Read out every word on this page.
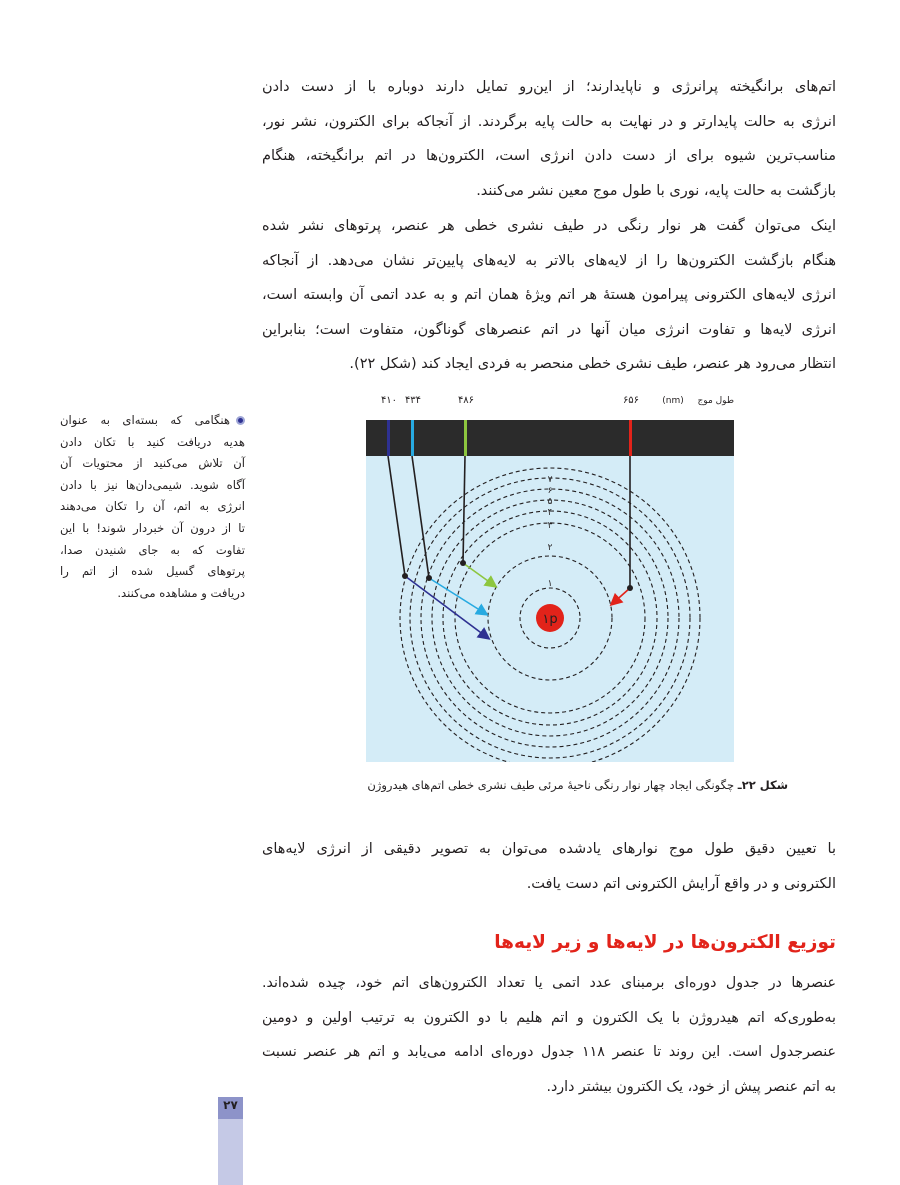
اتم‌های برانگیخته پرانرژی و ناپایدارند؛ از این‌رو تمایل دارند دوباره با از دست دادن
انرژی به حالت پایدارتر و در نهایت به حالت پایه برگردند. از آنجاکه برای الکترون، نشر نور،
مناسب‌ترین شیوه برای از دست دادن انرژی است، الکترون‌ها در اتم برانگیخته، هنگام
بازگشت به حالت پایه، نوری با طول موج معین نشر می‌کنند.

اینک می‌توان گفت هر نوار رنگی در طیف نشری خطی هر عنصر، پرتوهای نشر شده
هنگام بازگشت الکترون‌ها را از لایه‌های بالاتر به لایه‌های پایین‌تر نشان می‌دهد. از آنجاکه
انرژی لایه‌های الکترونی پیرامون هستهٔ هر اتم ویژهٔ همان اتم و به عدد اتمی آن وابسته است،
انرژی لایه‌ها و تفاوت انرژی میان آنها در اتم عنصرهای گوناگون، متفاوت است؛ بنابراین
انتظار می‌رود هر عنصر، طیف نشری خطی منحصر به فردی ایجاد کند (شکل ۲۲).

هنگامی که بسته‌ای به عنوان
هدیه دریافت کنید با تکان دادن
آن تلاش می‌کنید از محتویات آن
آگاه شوید. شیمی‌دان‌ها نیز با دادن
انرژی به اتم، آن را تکان می‌دهند
تا از درون آن خبردار شوند! با این
تفاوت که به جای شنیدن صدا،
پرتوهای گسیل شده از اتم را
دریافت و مشاهده می‌کنند.
۴۱۰ ۴۳۴	۴۸۶	۶۵۶	(nm) طول موج
۱
۲
۳
۴
۵
۶
۷
۱p
شکل ۲۲ـ چگونگی ایجاد چهار نوار رنگی ناحیهٔ مرئی طیف نشری خطی اتم‌های هیدروژن

با تعیین دقیق طول موج نوارهای یادشده می‌توان به تصویر دقیقی از انرژی لایه‌های
الکترونی و در واقع آرایش الکترونی اتم دست یافت.

توزیع الکترون‌ها در لایه‌ها و زیر لایه‌ها

عنصرها در جدول دوره‌ای برمبنای عدد اتمی یا تعداد الکترون‌های اتم خود، چیده شده‌اند.
به‌طوری‌که اتم هیدروژن با یک الکترون و اتم هلیم با دو الکترون به ترتیب اولین و دومین
عنصرجدول است. این روند تا عنصر ۱۱۸ جدول دوره‌ای ادامه می‌یابد و اتم هر عنصر نسبت
به اتم عنصر پیش از خود، یک الکترون بیشتر دارد.

۲۷
